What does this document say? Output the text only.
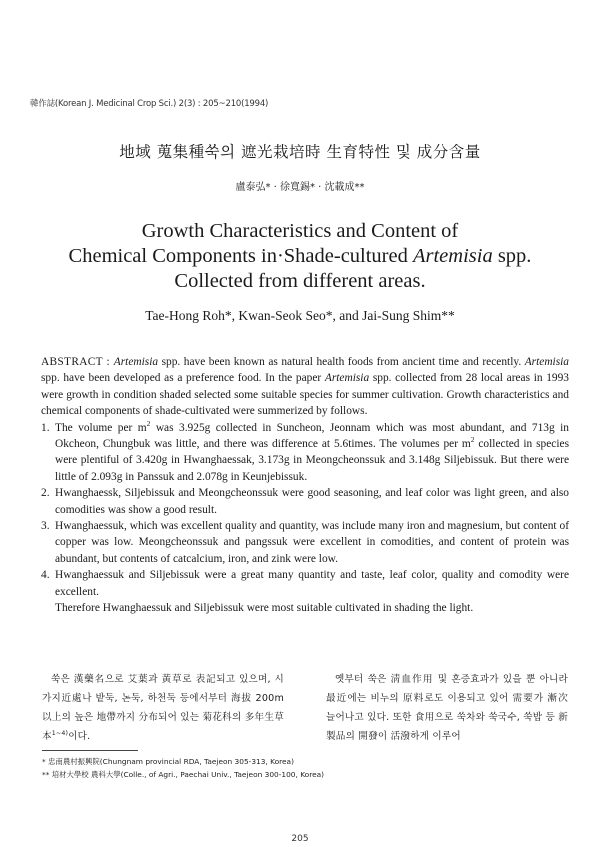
韓作誌(Korean J. Medicinal Crop Sci.) 2(3) : 205~210(1994)
地域 蒐集種쑥의 遮光栽培時 生育特性 및 成分含量
盧泰弘* · 徐寬錫* · 沈載成**
Growth Characteristics and Content of
Chemical Components in·Shade-cultured Artemisia spp.
Collected from different areas.
Tae-Hong Roh*, Kwan-Seok Seo*, and Jai-Sung Shim**

ABSTRACT : Artemisia spp. have been known as natural health foods from ancient time and recently. Artemisia spp. have been developed as a preference food. In the paper Artemisia spp. collected from 28 local areas in 1993 were growth in condition shaded selected some suitable species for summer cultivation. Growth characteristics and chemical components of shade-cultivated were summerized by follows.

1. The volume per $m^2$ was 3.925g collected in Suncheon, Jeonnam which was most abundant, and 713g in Okcheon, Chungbuk was little, and there was difference at 5.6times. The volumes per $m^2$ collected in species were plentiful of 3.420g in Hwanghaessak, 3.173g in Meongcheonssuk and 3.148g Siljebissuk. But there were little of 2.093g in Panssuk and 2.078g in Keunjebissuk.
2. Hwanghaessk, Siljebissuk and Meongcheonssuk were good seasoning, and leaf color was light green, and also comodities was show a good result.
3. Hwanghaessuk, which was excellent quality and quantity, was include many iron and magnesium, but content of copper was low. Meongcheonssuk and pangssuk were excellent in comodities, and content of protein was abundant, but contents of catcalcium, iron, and zink were low.
4. Hwanghaessuk and Siljebissuk were a great many quantity and taste, leaf color, quality and comodity were excellent.

Therefore Hwanghaessuk and Siljebissuk were most suitable cultivated in shading the light.

쑥은 漢藥名으로 艾葉과 黃草로 表記되고 있으며, 시가지近處나 밭둑, 논둑, 하천둑 등에서부터 海拔 200m以上의 높은 地帶까지 分布되어 있는 菊花科의 多年生草本$^{1\sim 4)}$이다.

옛부터 쑥은 淸血作用 및 혼증효과가 있을 뿐 아니라 最近에는 비누의 原料로도 이용되고 있어 需要가 漸次 늘어나고 있다. 또한 食用으로 쑥차와 쑥국수, 쑥밥 등 新製品의 開發이 活潑하게 이루어

* 忠南農村振興院(Chungnam provincial RDA, Taejeon 305-313, Korea)
** 培材大學校 農科大學(Colle., of Agri., Paechai Univ., Taejeon 300-100, Korea)
205
